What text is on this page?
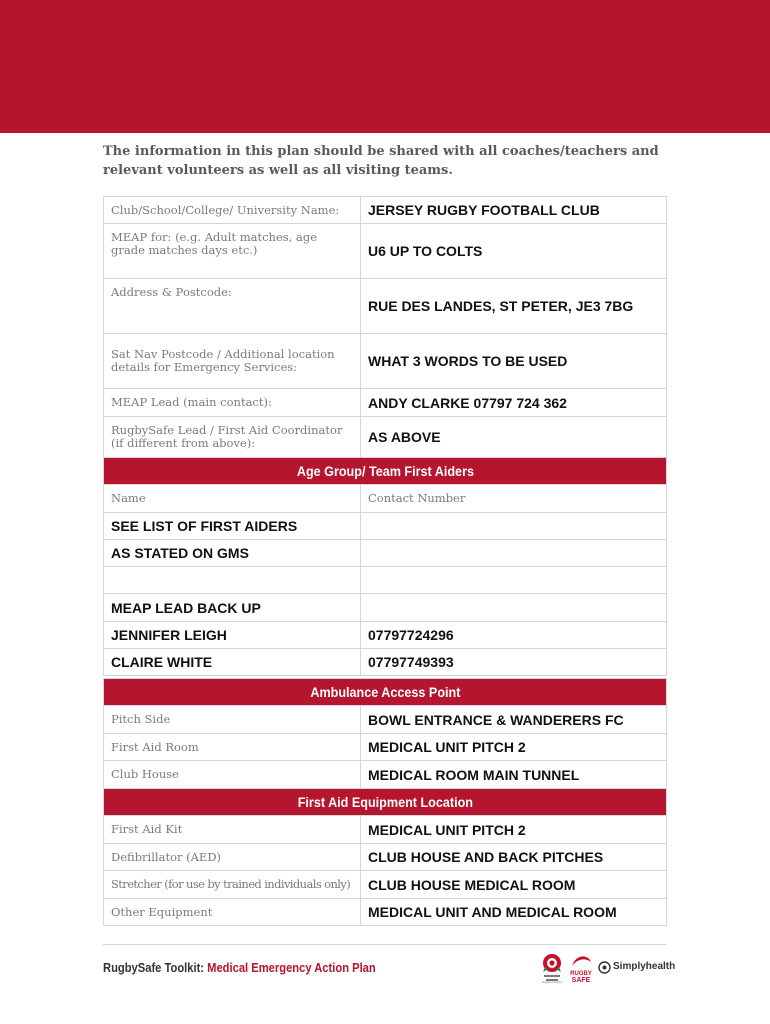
MEDICAL EMERGENCY ACTION PLAN TEMPLATE
The information in this plan should be shared with all coaches/teachers and relevant volunteers as well as all visiting teams.
Club/School/College/ University Name:	JERSEY RUGBY FOOTBALL CLUB
MEAP for: (e.g. Adult matches, age grade matches days etc.)	U6 UP TO COLTS
Address & Postcode:	RUE DES LANDES, ST PETER, JE3 7BG
Sat Nav Postcode / Additional location details for Emergency Services:	WHAT 3 WORDS TO BE USED
MEAP Lead (main contact):	ANDY CLARKE 07797 724 362
RugbySafe Lead / First Aid Coordinator (if different from above):	AS ABOVE
Age Group/ Team First Aiders	
Name	Contact Number
SEE LIST OF FIRST AIDERS	
AS STATED ON GMS	

MEAP LEAD BACK UP	
JENNIFER LEIGH	07797724296
CLAIRE WHITE	07797749393
Ambulance Access Point	
Pitch Side	BOWL ENTRANCE & WANDERERS FC
First Aid Room	MEDICAL UNIT PITCH 2
Club House	MEDICAL ROOM MAIN TUNNEL
First Aid Equipment Location	
First Aid Kit	MEDICAL UNIT PITCH 2
Defibrillator (AED)	CLUB HOUSE AND BACK PITCHES
Stretcher (for use by trained individuals only)	CLUB HOUSE MEDICAL ROOM
Other Equipment	MEDICAL UNIT AND MEDICAL ROOM
RugbySafe Toolkit: Medical Emergency Action Plan
England Rugby
RUGBY
SAFE
Simplyhealth
